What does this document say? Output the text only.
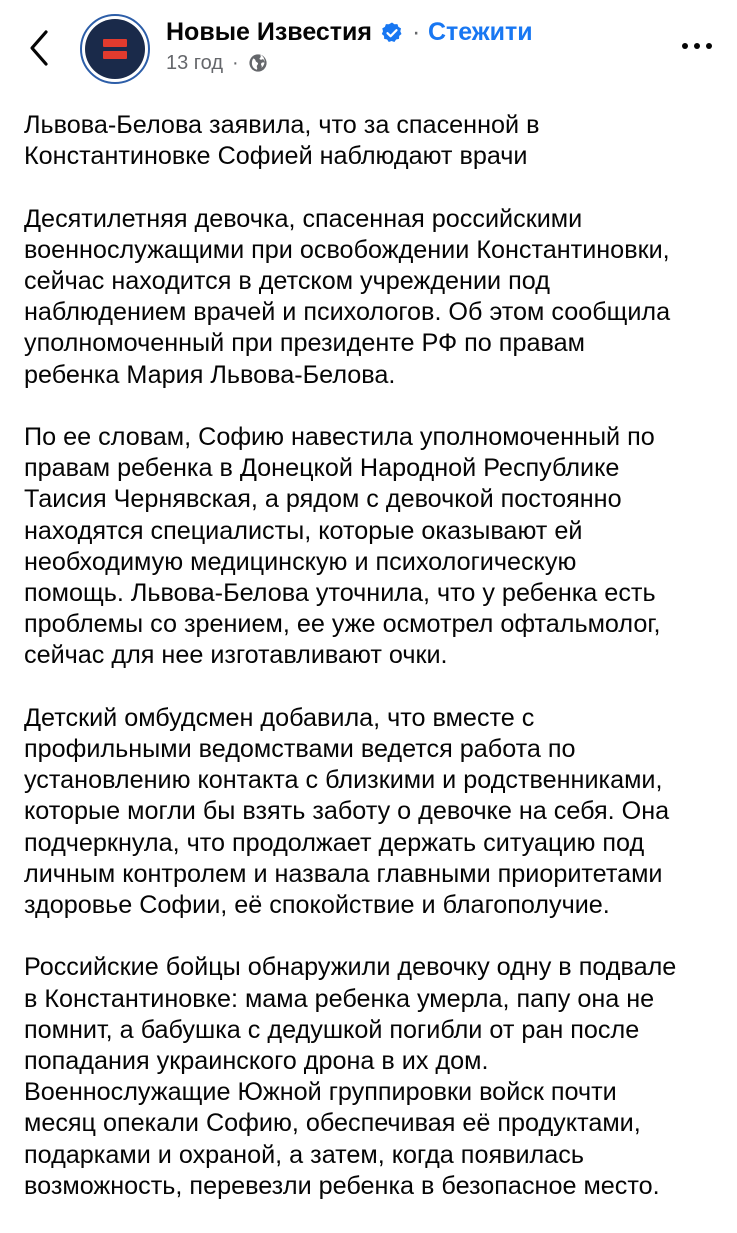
Новые Известия · Стежити
13 год ·

Львова-Белова заявила, что за спасенной в
Константиновке Софией наблюдают врачи

Десятилетняя девочка, спасенная российскими
военнослужащими при освобождении Константиновки,
сейчас находится в детском учреждении под
наблюдением врачей и психологов. Об этом сообщила
уполномоченный при президенте РФ по правам
ребенка Мария Львова-Белова.

По ее словам, Софию навестила уполномоченный по
правам ребенка в Донецкой Народной Республике
Таисия Чернявская, а рядом с девочкой постоянно
находятся специалисты, которые оказывают ей
необходимую медицинскую и психологическую
помощь. Львова-Белова уточнила, что у ребенка есть
проблемы со зрением, ее уже осмотрел офтальмолог,
сейчас для нее изготавливают очки.

Детский омбудсмен добавила, что вместе с
профильными ведомствами ведется работа по
установлению контакта с близкими и родственниками,
которые могли бы взять заботу о девочке на себя. Она
подчеркнула, что продолжает держать ситуацию под
личным контролем и назвала главными приоритетами
здоровье Софии, её спокойствие и благополучие.

Российские бойцы обнаружили девочку одну в подвале
в Константиновке: мама ребенка умерла, папу она не
помнит, а бабушка с дедушкой погибли от ран после
попадания украинского дрона в их дом.
Военнослужащие Южной группировки войск почти
месяц опекали Софию, обеспечивая её продуктами,
подарками и охраной, а затем, когда появилась
возможность, перевезли ребенка в безопасное место.
